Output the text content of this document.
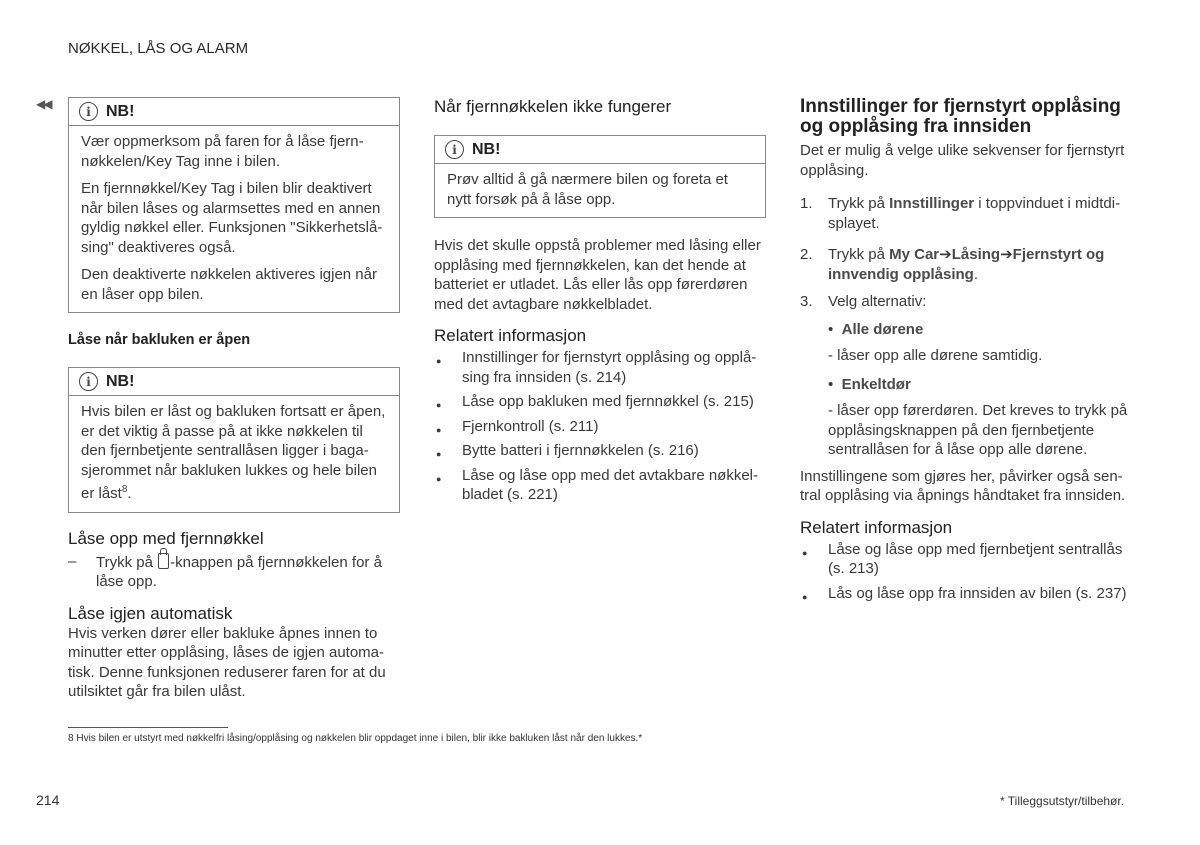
NØKKEL, LÅS OG ALARM
◀◀
i NB!

Vær oppmerksom på faren for å låse fjernnøkkelen/Key Tag inne i bilen.

En fjernnøkkel/Key Tag i bilen blir deaktivert når bilen låses og alarmsettes med en annen gyldig nøkkel eller. Funksjonen "Sikkerhetslåsing" deaktiveres også.

Den deaktiverte nøkkelen aktiveres igjen når en låser opp bilen.

Låse når bakluken er åpen
i NB!

Hvis bilen er låst og bakluken fortsatt er åpen, er det viktig å passe på at ikke nøkkelen til den fjernbetjente sentrallåsen ligger i bagasjerommet når bakluken lukkes og hele bilen er låst$^8$.

Låse opp med fjernnøkkel
– Trykk på -knappen på fjernnøkkelen for å låse opp.

Låse igjen automatisk

Hvis verken dører eller bakluke åpnes innen to minutter etter opplåsing, låses de igjen automatisk. Denne funksjonen reduserer faren for at du utilsiktet går fra bilen ulåst.

Når fjernnøkkelen ikke fungerer
i NB!

Prøv alltid å gå nærmere bilen og foreta et nytt forsøk på å låse opp.

Hvis det skulle oppstå problemer med låsing eller opplåsing med fjernnøkkelen, kan det hende at batteriet er utladet. Lås eller lås opp førerdøren med det avtagbare nøkkelbladet.

Relatert informasjon
● Innstillinger for fjernstyrt opplåsing og opplåsing fra innsiden (s. 214)
● Låse opp bakluken med fjernnøkkel (s. 215)
● Fjernkontroll (s. 211)
● Bytte batteri i fjernnøkkelen (s. 216)
● Låse og låse opp med det avtakbare nøkkelbladet (s. 221)
Innstillinger for fjernstyrt opplåsing
og opplåsing fra innsiden

Det er mulig å velge ulike sekvenser for fjernstyrt opplåsing.

1. Trykk på Innstillinger i toppvinduet i midtdisplayet.
2. Trykk på My Car➔Låsing➔Fjernstyrt og innvendig opplåsing.
3. Velg alternativ:

• Alle dørene

- låser opp alle dørene samtidig.

• Enkeltdør

- låser opp førerdøren. Det kreves to trykk på opplåsingsknappen på den fjernbetjente sentrallåsen for å låse opp alle dørene.

Innstillingene som gjøres her, påvirker også sentral opplåsing via åpnings håndtaket fra innsiden.

Relatert informasjon
● Låse og låse opp med fjernbetjent sentrallås (s. 213)
● Lås og låse opp fra innsiden av bilen (s. 237)
8 Hvis bilen er utstyrt med nøkkelfri låsing/opplåsing og nøkkelen blir oppdaget inne i bilen, blir ikke bakluken låst når den lukkes.*
214	* Tilleggsutstyr/tilbehør.
